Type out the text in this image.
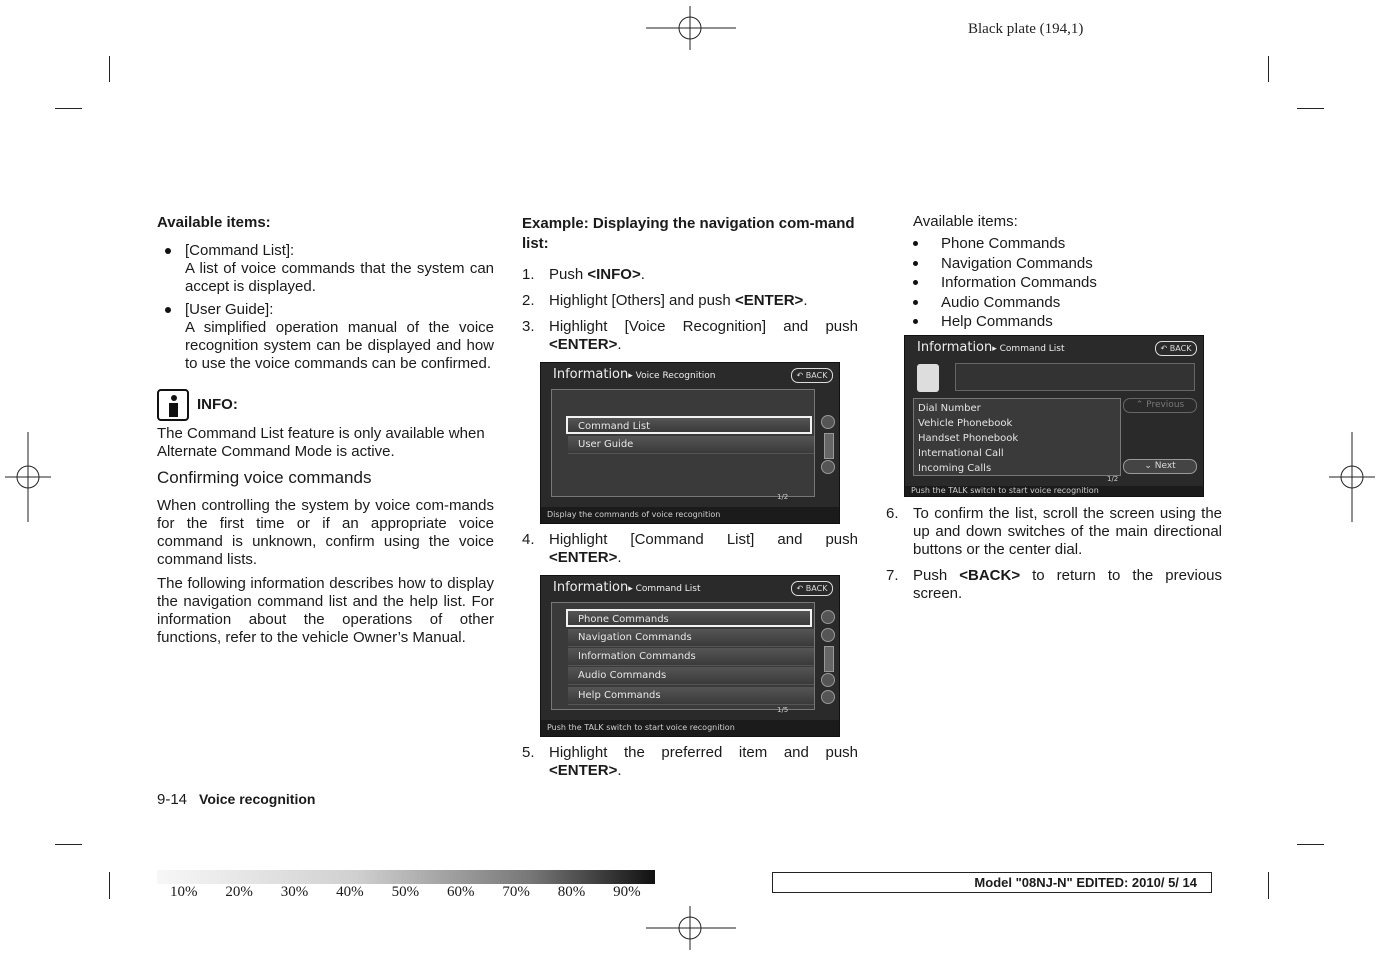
Black plate (194,1)
Available items:
[Command List]:
A list of voice commands that the system can accept is displayed.
[User Guide]:
A simplified operation manual of the voice recognition system can be displayed and how to use the voice commands can be confirmed.
INFO:

The Command List feature is only available when Alternate Command Mode is active.

Confirming voice commands

When controlling the system by voice com-mands for the first time or if an appropriate voice command is unknown, confirm using the voice command lists.

The following information describes how to display the navigation command list and the help list. For information about the operations of other functions, refer to the vehicle Owner’s Manual.

Example: Displaying the navigation com-mand list:
1. Push <INFO>.
2. Highlight [Others] and push <ENTER>.
3. Highlight [Voice Recognition] and push <ENTER>.
4. Highlight [Command List] and push <ENTER>.
5. Highlight the preferred item and push <ENTER>.
Information▸ Voice Recognition	↶ BACK
Command List
User Guide
1/2
Display the commands of voice recognition
Information▸ Command List	↶ BACK
Phone Commands
Navigation Commands
Information Commands
Audio Commands
Help Commands
1/5
Push the TALK switch to start voice recognition
Available items:
Phone Commands
Navigation Commands
Information Commands
Audio Commands
Help Commands
Information▸ Command List	↶ BACK
Dial Number
Vehicle Phonebook
Handset Phonebook
International Call
Incoming Calls
⌃ Previous
⌄ Next
1/2
Push the TALK switch to start voice recognition
6. To confirm the list, scroll the screen using the up and down switches of the main directional buttons or the center dial.
7. Push <BACK> to return to the previous screen.
9-14 Voice recognition
10% 20% 30% 40% 50% 60% 70% 80% 90%
Model "08NJ-N" EDITED: 2010/ 5/ 14
